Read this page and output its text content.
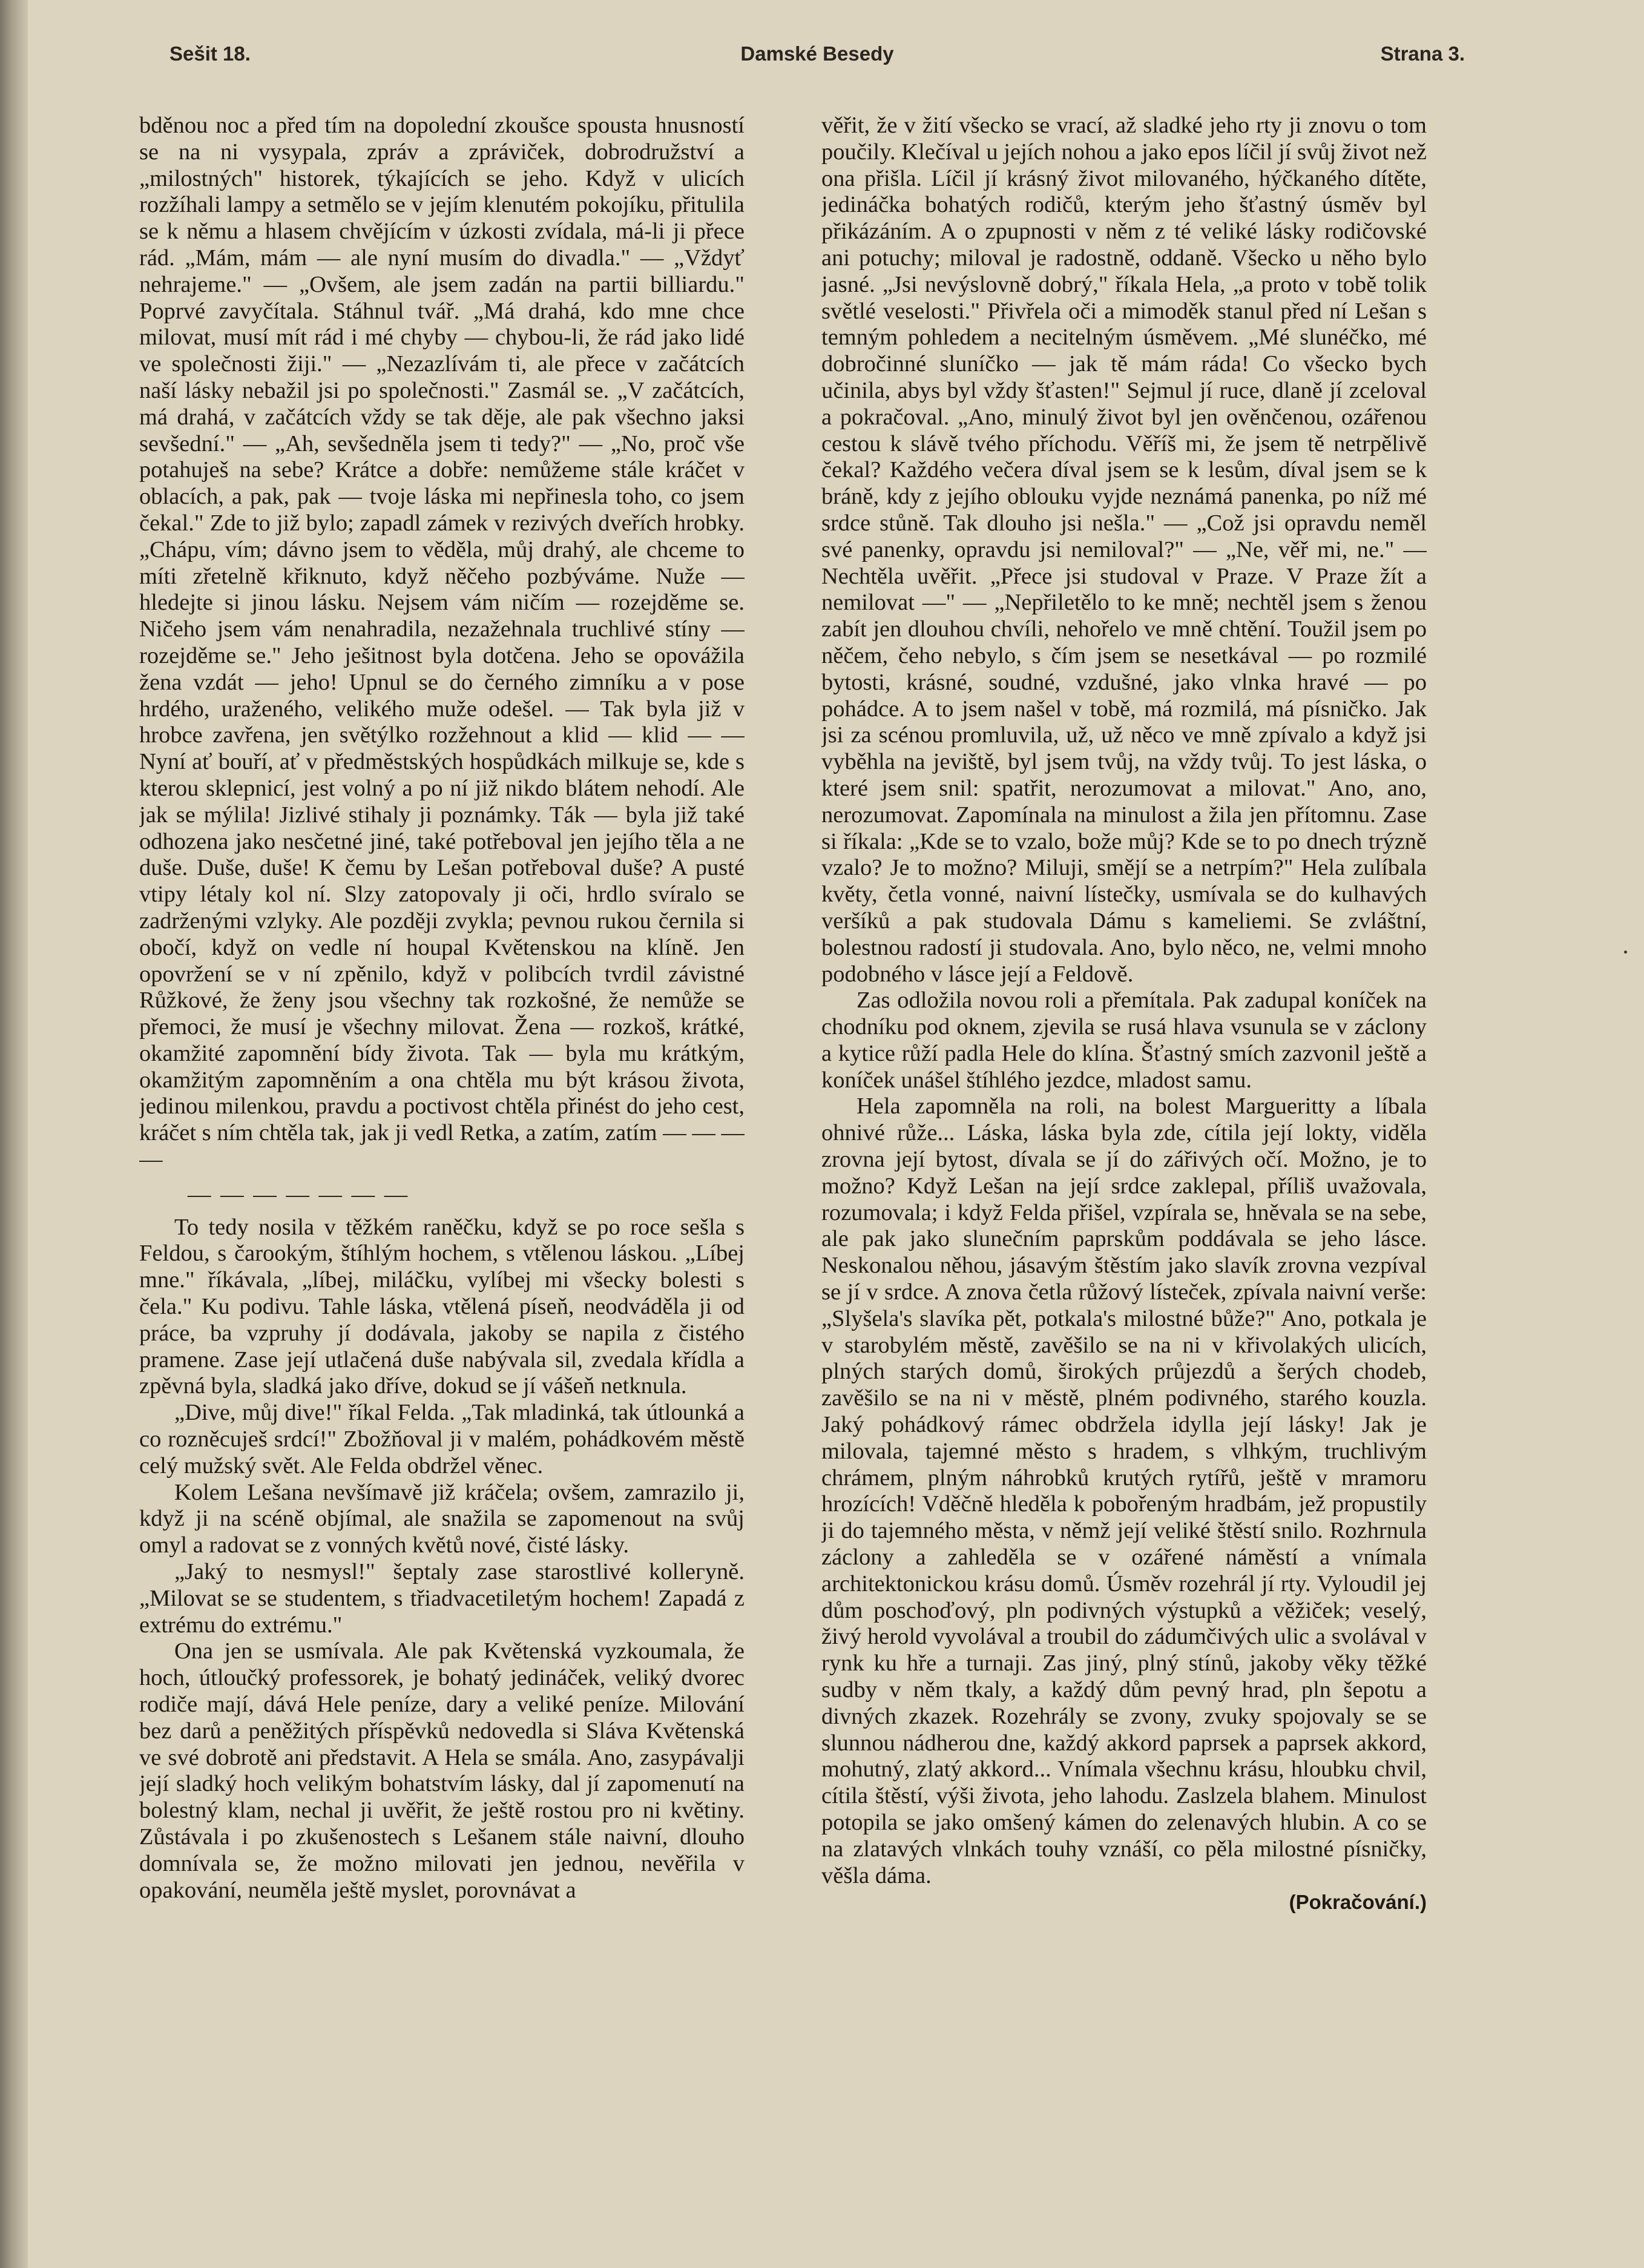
Sešit 18.	Damské Besedy	Strana 3.

bděnou noc a před tím na dopolední zkoušce spousta hnusností se na ni vysypala, zpráv a zpráviček, dobrodružství a „milostných" historek, týkajících se jeho. Když v ulicích rozžíhali lampy a setmělo se v jejím klenutém pokojíku, přitulila se k němu a hlasem chvějícím v úzkosti zvídala, má-li ji přece rád. „Mám, mám — ale nyní musím do divadla." — „Vždyť nehrajeme." — „Ovšem, ale jsem zadán na partii billiardu." Poprvé zavyčítala. Stáhnul tvář. „Má drahá, kdo mne chce milovat, musí mít rád i mé chyby — chybou-li, že rád jako lidé ve společnosti žiji." — „Nezazlívám ti, ale přece v začátcích naší lásky nebažil jsi po společnosti." Zasmál se. „V začátcích, má drahá, v začátcích vždy se tak děje, ale pak všechno jaksi sevšední." — „Ah, sevšedněla jsem ti tedy?" — „No, proč vše potahuješ na sebe? Krátce a dobře: nemůžeme stále kráčet v oblacích, a pak, pak — tvoje láska mi nepřinesla toho, co jsem čekal." Zde to již bylo; zapadl zámek v rezivých dveřích hrobky. „Chápu, vím; dávno jsem to věděla, můj drahý, ale chceme to míti zřetelně křiknuto, když něčeho pozbýváme. Nuže — hledejte si jinou lásku. Nejsem vám ničím — rozejděme se. Ničeho jsem vám nenahradila, nezažehnala truchlivé stíny — rozejděme se." Jeho ješitnost byla dotčena. Jeho se opovážila žena vzdát — jeho! Upnul se do černého zimníku a v pose hrdého, uraženého, velikého muže odešel. — Tak byla již v hrobce zavřena, jen světýlko rozžehnout a klid — klid — — Nyní ať bouří, ať v předměstských hospůdkách milkuje se, kde s kterou sklepnicí, jest volný a po ní již nikdo blátem nehodí. Ale jak se mýlila! Jizlivé stihaly ji poznámky. Ták — byla již také odhozena jako nesčetné jiné, také potřeboval jen jejího těla a ne duše. Duše, duše! K čemu by Lešan potřeboval duše? A pusté vtipy létaly kol ní. Slzy zatopovaly ji oči, hrdlo svíralo se zadrženými vzlyky. Ale později zvykla; pevnou rukou černila si obočí, když on vedle ní houpal Květenskou na klíně. Jen opovržení se v ní zpěnilo, když v polibcích tvrdil závistné Růžkové, že ženy jsou všechny tak rozkošné, že nemůže se přemoci, že musí je všechny milovat. Žena — rozkoš, krátké, okamžité zapomnění bídy života. Tak — byla mu krátkým, okamžitým zapomněním a ona chtěla mu být krásou života, jedinou milenkou, pravdu a poctivost chtěla přinést do jeho cest, kráčet s ním chtěla tak, jak ji vedl Retka, a zatím, zatím — — — —

— — — — — — —

To tedy nosila v těžkém raněčku, když se po roce sešla s Feldou, s čarookým, štíhlým hochem, s vtělenou láskou. „Líbej mne." říkávala, „líbej, miláčku, vylíbej mi všecky bolesti s čela." Ku podivu. Tahle láska, vtělená píseň, neodváděla ji od práce, ba vzpruhy jí dodávala, jakoby se napila z čistého pramene. Zase její utlačená duše nabývala sil, zvedala křídla a zpěvná byla, sladká jako dříve, dokud se jí vášeň netknula.

„Dive, můj dive!" říkal Felda. „Tak mladinká, tak útlounká a co rozněcuješ srdcí!" Zbožňoval ji v malém, pohádkovém městě celý mužský svět. Ale Felda obdržel věnec.

Kolem Lešana nevšímavě již kráčela; ovšem, zamrazilo ji, když ji na scéně objímal, ale snažila se zapomenout na svůj omyl a radovat se z vonných květů nové, čisté lásky.

„Jaký to nesmysl!" šeptaly zase starostlivé kolleгyně. „Milovat se se studentem, s třiadvacetiletým hochem! Zapadá z extrému do extrému."

Ona jen se usmívala. Ale pak Květenská vyzkoumala, že hoch, útloučký professorek, je bohatý jedináček, veliký dvorec rodiče mají, dává Hele peníze, dary a veliké peníze. Milování bez darů a peněžitých příspěvků nedovedla si Sláva Květenská ve své dobrotě ani představit. A Hela se smála. Ano, zasypávalji její sladký hoch velikým bohatstvím lásky, dal jí zapomenutí na bolestný klam, nechal ji uvěřit, že ještě rostou pro ni květiny. Zůstávala i po zkušenostech s Lešanem stále naivní, dlouho domnívala se, že možno milovati jen jednou, nevěřila v opakování, neuměla ještě myslet, porovnávat a

věřit, že v žití všecko se vrací, až sladké jeho rty ji znovu o tom poučily. Klečíval u jejích nohou a jako epos líčil jí svůj život než ona přišla. Líčil jí krásný život milovaného, hýčkaného dítěte, jedináčka bohatých rodičů, kterým jeho šťastný úsměv byl přikázáním. A o zpupnosti v něm z té veliké lásky rodičovské ani potuchy; miloval je radostně, oddaně. Všecko u něho bylo jasné. „Jsi nevýslovně dobrý," říkala Hela, „a proto v tobě tolik světlé veselosti." Přivřela oči a mimoděk stanul před ní Lešan s temným pohledem a necitelným úsměvem. „Mé slunéčko, mé dobročinné sluníčko — jak tě mám ráda! Co všecko bych učinila, abys byl vždy šťasten!" Sejmul jí ruce, dlaně jí zceloval a pokračoval. „Ano, minulý život byl jen ověnčenou, ozářenou cestou k slávě tvého příchodu. Věříš mi, že jsem tě netrpělivě čekal? Každého večera díval jsem se k lesům, díval jsem se k bráně, kdy z jejího oblouku vyjde neznámá panenka, po níž mé srdce stůně. Tak dlouho jsi nešla." — „Což jsi opravdu neměl své panenky, opravdu jsi nemiloval?" — „Ne, věř mi, ne." — Nechtěla uvěřit. „Přece jsi studoval v Praze. V Praze žít a nemilovat —" — „Nepřiletělo to ke mně; nechtěl jsem s ženou zabít jen dlouhou chvíli, nehořelo ve mně chtění. Toužil jsem po něčem, čeho nebylo, s čím jsem se nesetkával — po rozmilé bytosti, krásné, soudné, vzdušné, jako vlnka hravé — po pohádce. A to jsem našel v tobě, má rozmilá, má písničko. Jak jsi za scénou promluvila, už, už něco ve mně zpívalo a když jsi vyběhla na jeviště, byl jsem tvůj, na vždy tvůj. To jest láska, o které jsem snil: spatřit, nerozumovat a milovat." Ano, ano, nerozumovat. Zapomínala na minulost a žila jen přítomnu. Zase si říkala: „Kde se to vzalo, bože můj? Kde se to po dnech trýzně vzalo? Je to možno? Miluji, smějí se a netrpím?" Hela zulíbala květy, četla vonné, naivní lístečky, usmívala se do kulhavých veršíků a pak studovala Dámu s kameliemi. Se zvláštní, bolestnou radostí ji studovala. Ano, bylo něco, ne, velmi mnoho podobného v lásce její a Feldově.

Zas odložila novou roli a přemítala. Pak zadupal koníček na chodníku pod oknem, zjevila se rusá hlava vsunula se v záclony a kytice růží padla Hele do klína. Šťastný smích zazvonil ještě a koníček unášel štíhlého jezdce, mladost samu.

Hela zapomněla na roli, na bolest Margueritty a líbala ohnivé růže... Láska, láska byla zde, cítila její lokty, viděla zrovna její bytost, dívala se jí do zářivých očí. Možno, je to možno? Když Lešan na její srdce zaklepal, příliš uvažovala, rozumovala; i když Felda přišel, vzpírala se, hněvala se na sebe, ale pak jako slunečním paprskům poddávala se jeho lásce. Neskonalou něhou, jásavým štěstím jako slavík zrovna vezpíval se jí v srdce. A znova četla růžový lísteček, zpívala naivní verše: „Slyšela's slavíka pět, potkala's milostné bůže?" Ano, potkala je v starobylém městě, zavěšilo se na ni v křivolakých ulicích, plných starých domů, širokých průjezdů a šerých chodeb, zavěšilo se na ni v městě, plném podivného, starého kouzla. Jaký pohádkový rámec obdržela idylla její lásky! Jak je milovala, tajemné město s hradem, s vlhkým, truchlivým chrámem, plným náhrobků krutých rytířů, ještě v mramoru hrozících! Vděčně hleděla k pobořeným hradbám, jež propustily ji do tajemného města, v němž její veliké štěstí snilo. Rozhrnula záclony a zahleděla se v ozářené náměstí a vnímala architektonickou krásu domů. Úsměv rozehrál jí rty. Vyloudil jej dům poschoďový, pln podivných výstupků a věžiček; veselý, živý herold vyvolával a troubil do zádumčivých ulic a svolával v rynk ku hře a turnaji. Zas jiný, plný stínů, jakoby věky těžké sudby v něm tkaly, a každý dům pevný hrad, pln šepotu a divných zkazek. Rozehrály se zvony, zvuky spojovaly se se slunnou nádherou dne, každý akkord paprsek a paprsek akkord, mohutný, zlatý akkord... Vnímala všechnu krásu, hloubku chvil, cítila štěstí, výši života, jeho lahodu. Zaslzela blahem. Minulost potopila se jako omšený kámen do zelenavých hlubin. A co se na zlatavých vlnkách touhy vznáší, co pěla milostné písničky, věšla dáma.

(Pokračování.)
